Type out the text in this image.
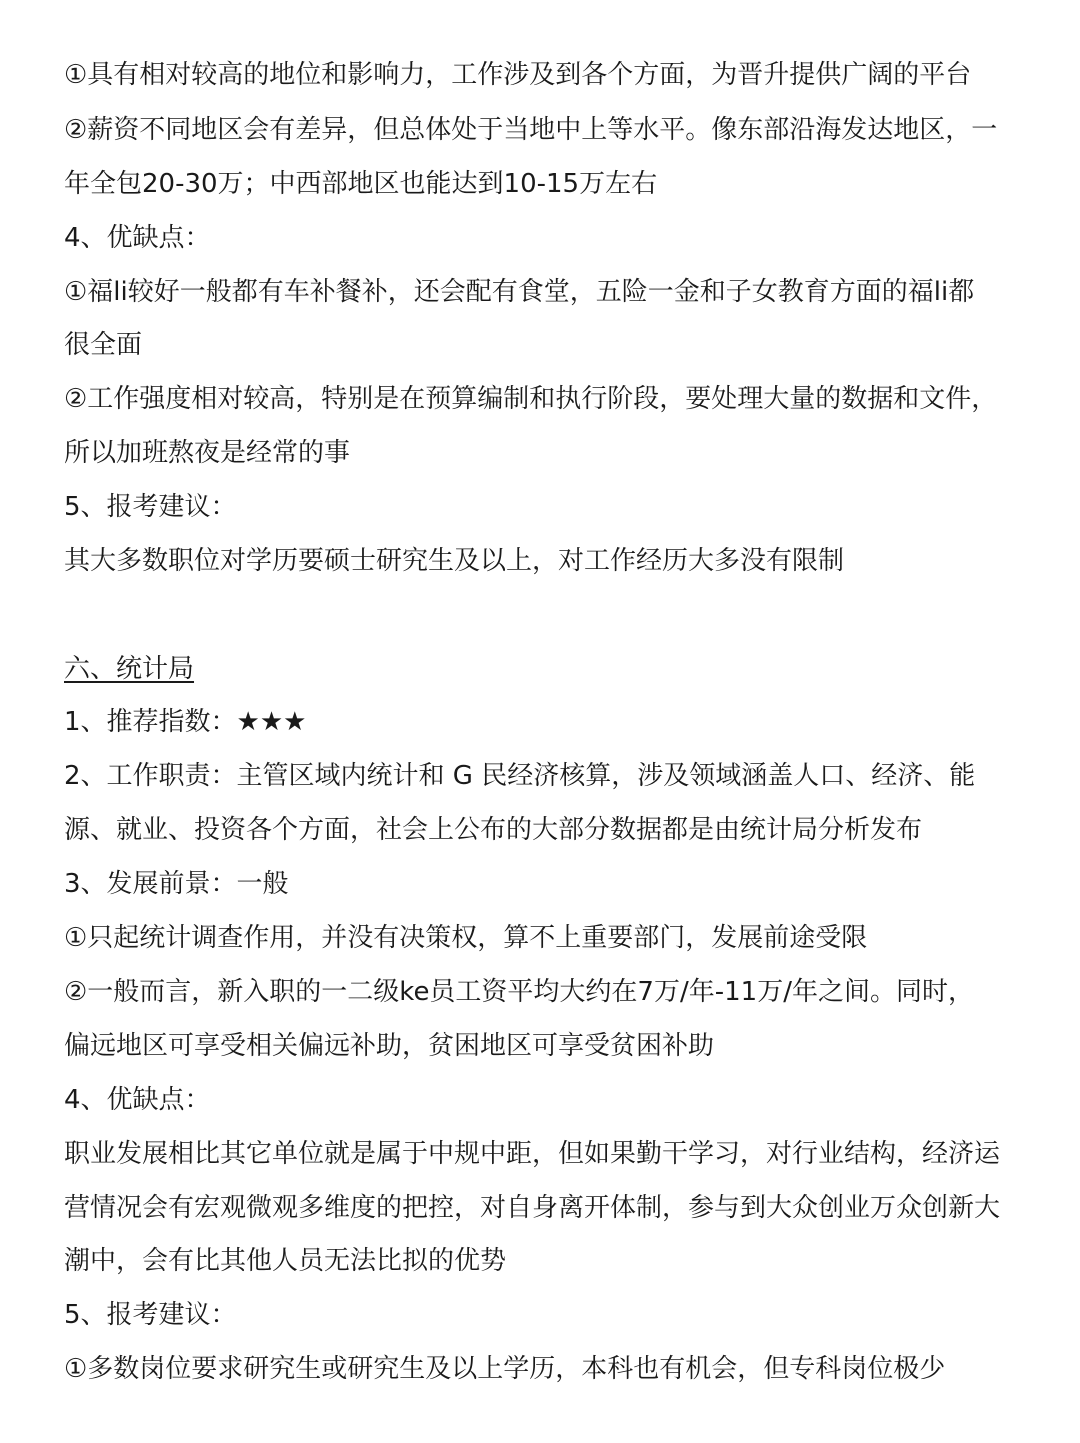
①具有相对较高的地位和影响力，工作涉及到各个方面，为晋升提供广阔的平台
②薪资不同地区会有差异，但总体处于当地中上等水平。像东部沿海发达地区，一
年全包20-30万；中西部地区也能达到10-15万左右
4、优缺点：
①福li较好一般都有车补餐补，还会配有食堂，五险一金和子女教育方面的福li都
很全面
②工作强度相对较高，特别是在预算编制和执行阶段，要处理大量的数据和文件，
所以加班熬夜是经常的事
5、报考建议：
其大多数职位对学历要硕士研究生及以上，对工作经历大多没有限制
六、统计局
1、推荐指数：★★★
2、工作职责：主管区域内统计和 G 民经济核算，涉及领域涵盖人口、经济、能
源、就业、投资各个方面，社会上公布的大部分数据都是由统计局分析发布
3、发展前景：一般
①只起统计调查作用，并没有决策权，算不上重要部门，发展前途受限
②一般而言，新入职的一二级ke员工资平均大约在7万/年-11万/年之间。同时，
偏远地区可享受相关偏远补助，贫困地区可享受贫困补助
4、优缺点：
职业发展相比其它单位就是属于中规中距，但如果勤干学习，对行业结构，经济运
营情况会有宏观微观多维度的把控，对自身离开体制，参与到大众创业万众创新大
潮中，会有比其他人员无法比拟的优势
5、报考建议：
①多数岗位要求研究生或研究生及以上学历，本科也有机会，但专科岗位极少
